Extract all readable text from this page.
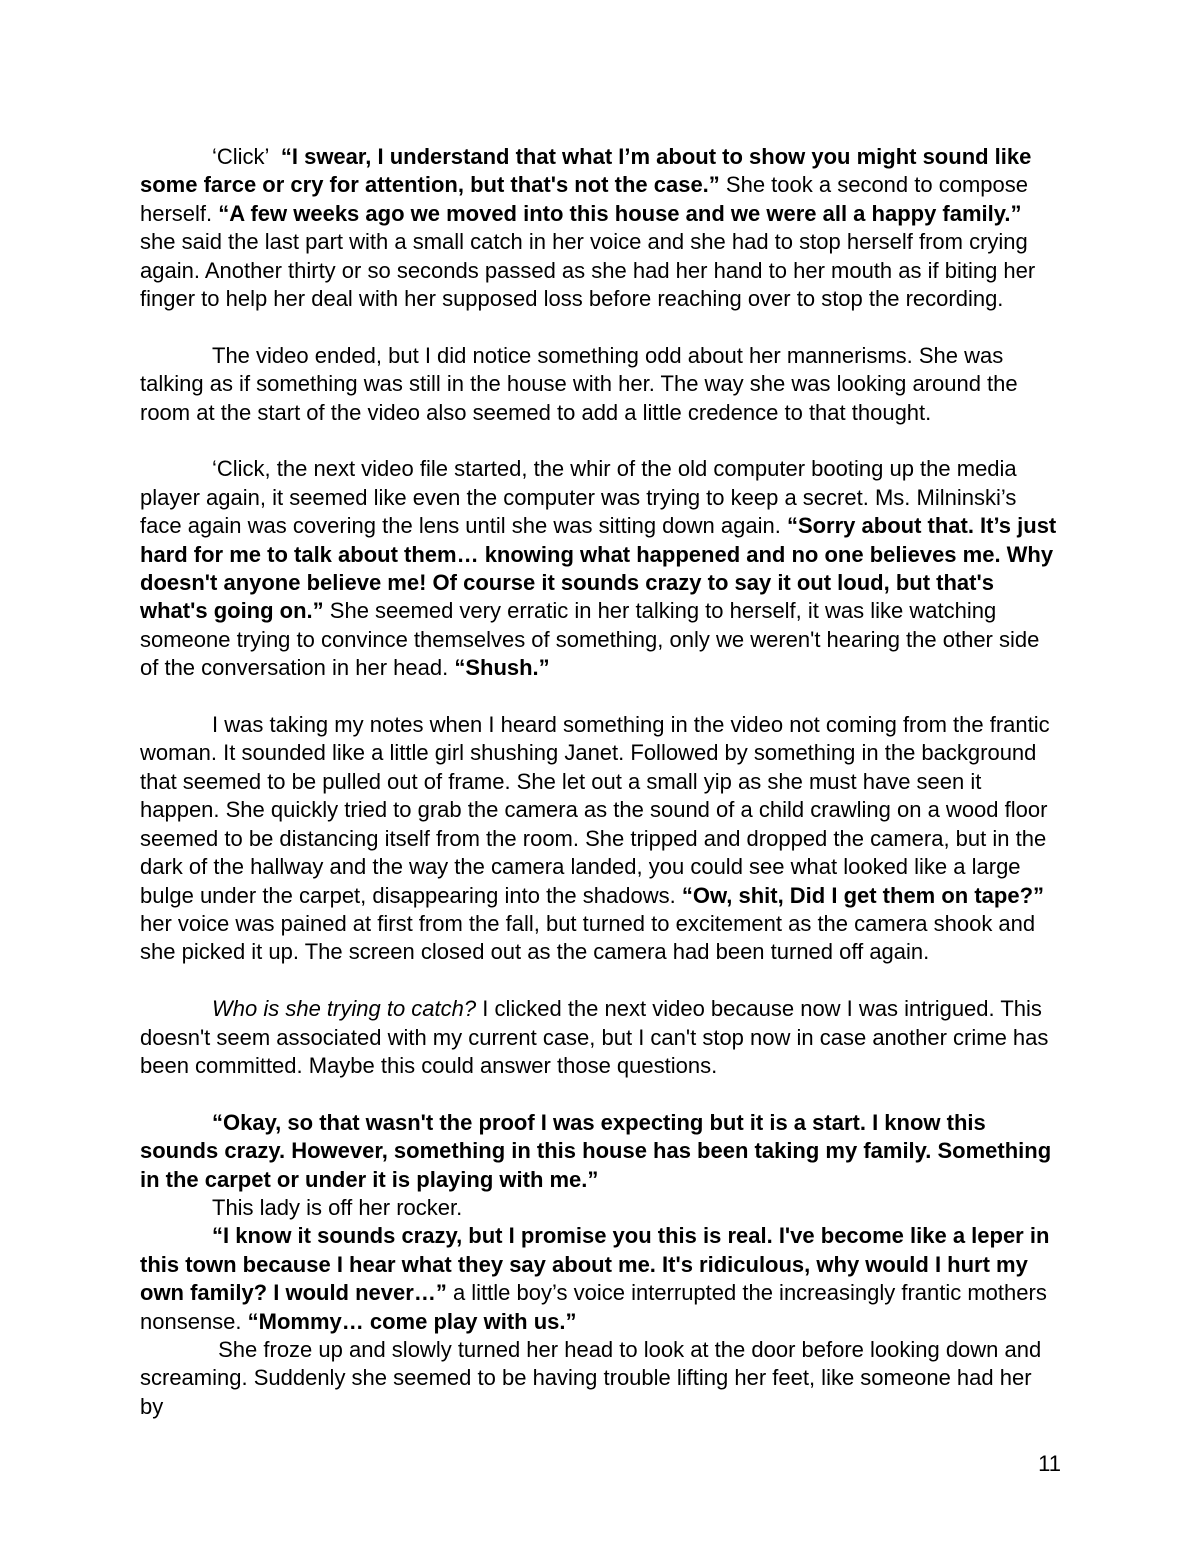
‘Click’  “I swear, I understand that what I’m about to show you might sound like some farce or cry for attention, but that's not the case.” She took a second to compose herself. “A few weeks ago we moved into this house and we were all a happy family.” she said the last part with a small catch in her voice and she had to stop herself from crying again. Another thirty or so seconds passed as she had her hand to her mouth as if biting her finger to help her deal with her supposed loss before reaching over to stop the recording.

The video ended, but I did notice something odd about her mannerisms. She was talking as if something was still in the house with her. The way she was looking around the room at the start of the video also seemed to add a little credence to that thought.

‘Click, the next video file started, the whir of the old computer booting up the media player again, it seemed like even the computer was trying to keep a secret. Ms. Milninski’s face again was covering the lens until she was sitting down again. “Sorry about that. It’s just hard for me to talk about them… knowing what happened and no one believes me. Why doesn't anyone believe me! Of course it sounds crazy to say it out loud, but that's what's going on.” She seemed very erratic in her talking to herself, it was like watching someone trying to convince themselves of something, only we weren't hearing the other side of the conversation in her head. “Shush.”

I was taking my notes when I heard something in the video not coming from the frantic woman. It sounded like a little girl shushing Janet. Followed by something in the background that seemed to be pulled out of frame. She let out a small yip as she must have seen it happen. She quickly tried to grab the camera as the sound of a child crawling on a wood floor seemed to be distancing itself from the room. She tripped and dropped the camera, but in the dark of the hallway and the way the camera landed, you could see what looked like a large bulge under the carpet, disappearing into the shadows. “Ow, shit, Did I get them on tape?” her voice was pained at first from the fall, but turned to excitement as the camera shook and she picked it up. The screen closed out as the camera had been turned off again.

Who is she trying to catch? I clicked the next video because now I was intrigued. This doesn't seem associated with my current case, but I can't stop now in case another crime has been committed. Maybe this could answer those questions.

“Okay, so that wasn't the proof I was expecting but it is a start. I know this sounds crazy. However, something in this house has been taking my family. Something in the carpet or under it is playing with me.”

This lady is off her rocker.

“I know it sounds crazy, but I promise you this is real. I've become like a leper in this town because I hear what they say about me. It's ridiculous, why would I hurt my own family? I would never…” a little boy’s voice interrupted the increasingly frantic mothers nonsense. “Mommy… come play with us.”

She froze up and slowly turned her head to look at the door before looking down and screaming. Suddenly she seemed to be having trouble lifting her feet, like someone had her by

11
